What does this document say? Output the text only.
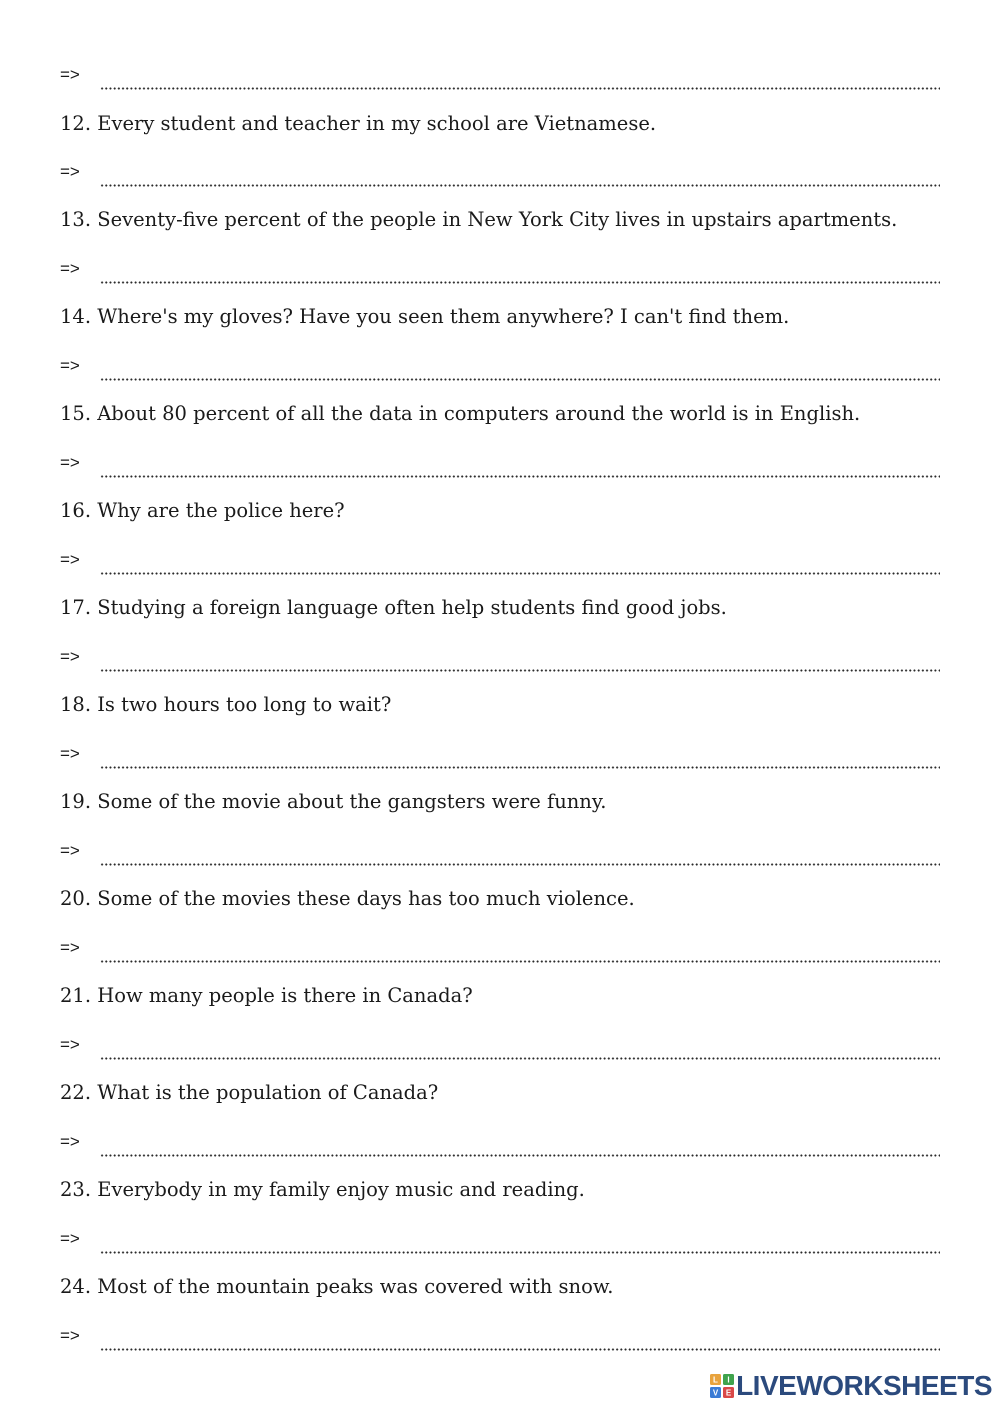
=>
12. Every student and teacher in my school are Vietnamese.
=>
13. Seventy-five percent of the people in New York City lives in upstairs apartments.
=>
14. Where's my gloves? Have you seen them anywhere? I can't find them.
=>
15. About 80 percent of all the data in computers around the world is in English.
=>
16. Why are the police here?
=>
17. Studying a foreign language often help students find good jobs.
=>
18. Is two hours too long to wait?
=>
19. Some of the movie about the gangsters were funny.
=>
20. Some of the movies these days has too much violence.
=>
21. How many people is there in Canada?
=>
22. What is the population of Canada?
=>
23. Everybody in my family enjoy music and reading.
=>
24. Most of the mountain peaks was covered with snow.
=>
L I
V E LIVEWORKSHEETS
